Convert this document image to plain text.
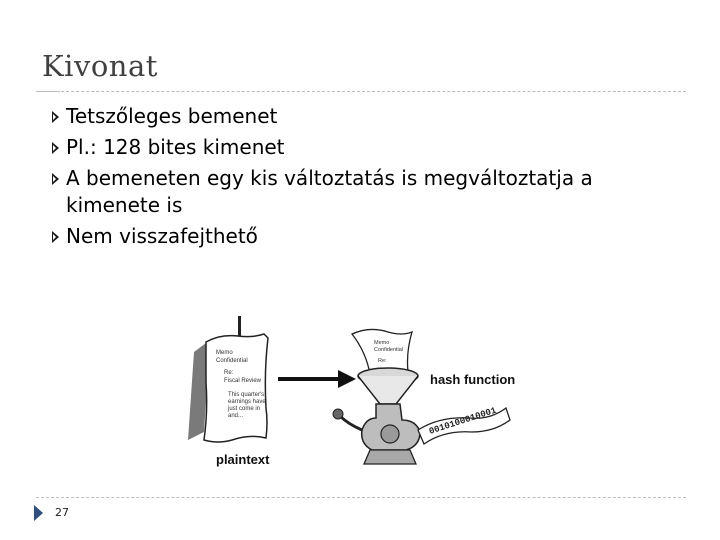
Kivonat
Tetszőleges bemenet
Pl.: 128 bites kimenet
A bemeneten egy kis változtatás is megváltoztatja a kimenete is
Nem visszafejthető
Memo
Confidential
Re:
Fiscal Review
This quarter's
earnings have
just come in
and...
Memo
Confidential
Re:
0010100010001
hash function
plaintext
27
